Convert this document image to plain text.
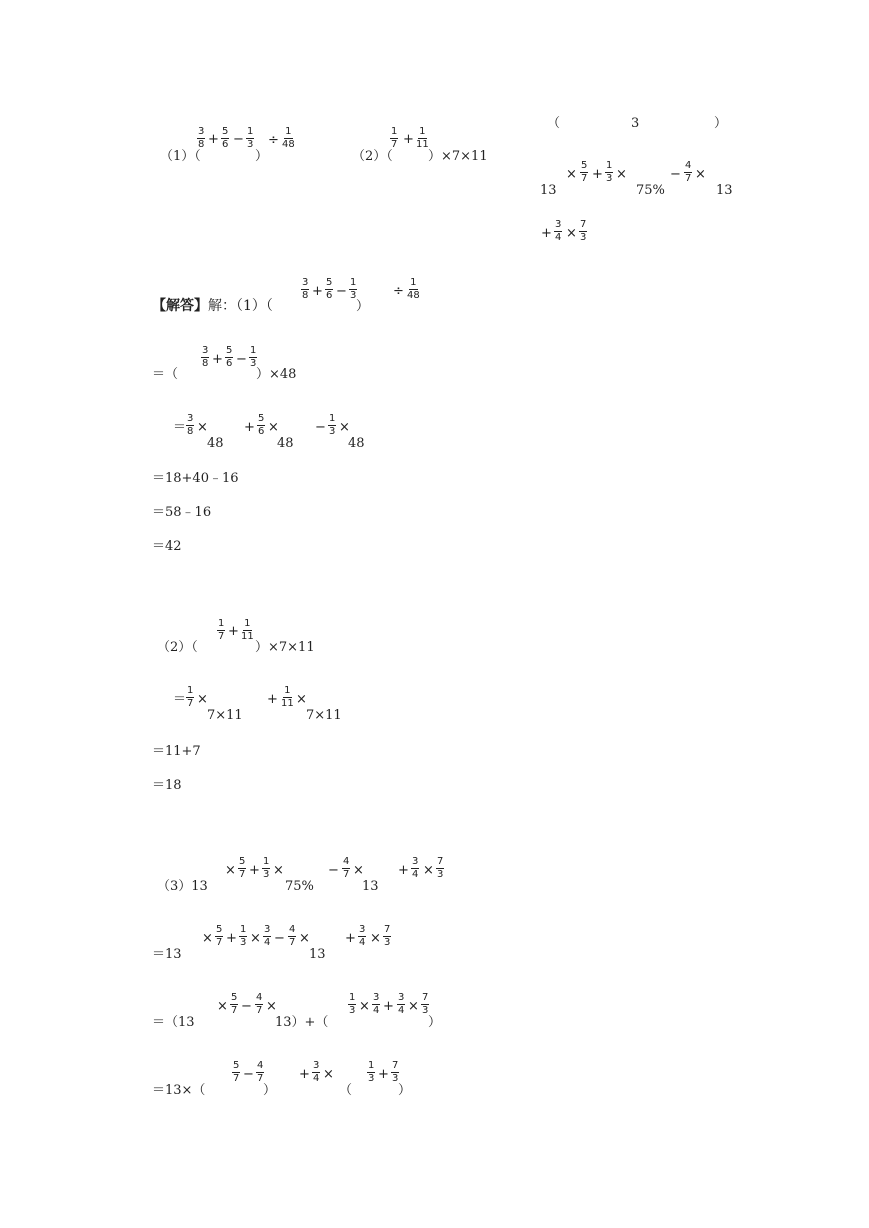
（1）（
3
8 +
5
6 −
1
3
）
÷
1
48
（2）（
1
7 +
1
11
）×7×11
（	3	）
13
×
5
7 +
1
3 ×
75%
−
4
7 ×
13
+
3
4 ×
7
3
【解答】解：（1）（
3
8 +
5
6 −
1
3
）
÷
1
48
＝（
3
8 +
5
6 −
1
3
）×48
＝
3
8 ×
48
+
5
6 ×
48
−
1
3 ×
48
＝18+40﹣16
＝58﹣16
＝42
（2）（
1
7 +
1
11
）×7×11
＝
1
7 ×
7×11
+
1
11 ×
7×11
＝11+7
＝18
（3）13
×
5
7 +
1
3 ×
75%
−
4
7 ×
13
+
3
4 ×
7
3
＝13
×
5
7 +
1
3 ×
3
4 −
4
7 ×
13
+
3
4 ×
7
3
＝（13
×
5
7 −
4
7 ×
13）+（
1
3 ×
3
4 +
3
4 ×
7
3
）
＝13×（
5
7 −
4
7
）
+
3
4 ×
（
1
3 +
7
3
）
